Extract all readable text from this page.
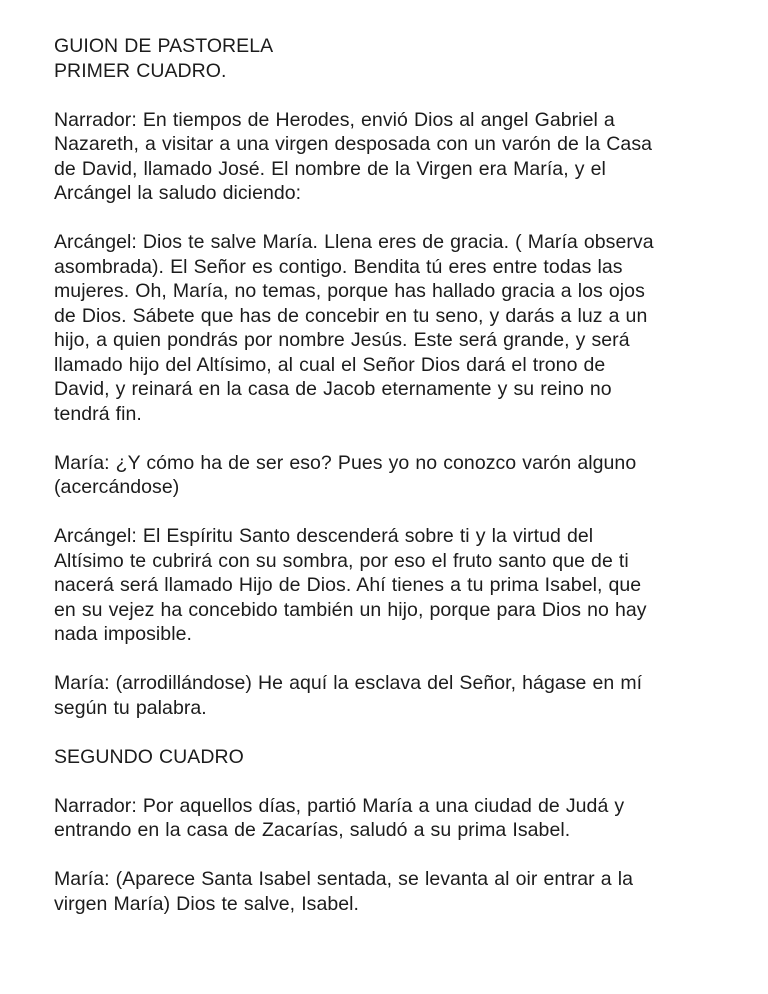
GUION DE PASTORELA
PRIMER CUADRO.
Narrador: En tiempos de Herodes, envió Dios al angel Gabriel a
Nazareth, a visitar a una virgen desposada con un varón de la Casa
de David, llamado José. El nombre de la Virgen era María, y el
Arcángel la saludo diciendo:
Arcángel: Dios te salve María. Llena eres de gracia. ( María observa
asombrada). El Señor es contigo. Bendita tú eres entre todas las
mujeres. Oh, María, no temas, porque has hallado gracia a los ojos
de Dios. Sábete que has de concebir en tu seno, y darás a luz a un
hijo, a quien pondrás por nombre Jesús. Este será grande, y será
llamado hijo del Altísimo, al cual el Señor Dios dará el trono de
David, y reinará en la casa de Jacob eternamente y su reino no
tendrá fin.
María: ¿Y cómo ha de ser eso? Pues yo no conozco varón alguno
(acercándose)
Arcángel: El Espíritu Santo descenderá sobre ti y la virtud del
Altísimo te cubrirá con su sombra, por eso el fruto santo que de ti
nacerá será llamado Hijo de Dios. Ahí tienes a tu prima Isabel, que
en su vejez ha concebido también un hijo, porque para Dios no hay
nada imposible.
María: (arrodillándose) He aquí la esclava del Señor, hágase en mí
según tu palabra.
SEGUNDO CUADRO
Narrador: Por aquellos días, partió María a una ciudad de Judá y
entrando en la casa de Zacarías, saludó a su prima Isabel.
María: (Aparece Santa Isabel sentada, se levanta al oir entrar a la
virgen María) Dios te salve, Isabel.
